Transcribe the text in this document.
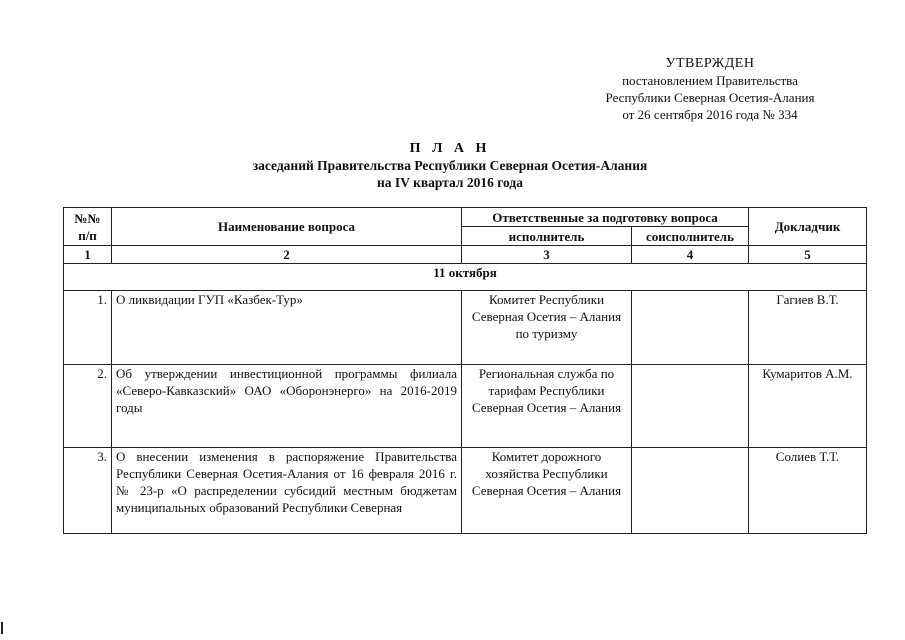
УТВЕРЖДЕН
постановлением Правительства
Республики Северная Осетия-Алания
от 26 сентября 2016 года № 334
П Л А Н
заседаний Правительства Республики Северная Осетия-Алания
на IV квартал 2016 года
№№ п/п	Наименование вопроса	Ответственные за подготовку вопроса		Докладчик
		исполнитель	соисполнитель	
1	2	3	4	5
11 октября				
1.	О ликвидации ГУП «Казбек-Тур»	Комитет Республики Северная Осетия – Алания по туризму		Гагиев В.Т.
2.	Об утверждении инвестиционной программы филиала «Северо-Кавказский» ОАО «Оборонэнерго» на 2016-2019 годы	Региональная служба по тарифам Республики Северная Осетия – Алания		Кумаритов А.М.
3.	О внесении изменения в распоряжение Правительства Республики Северная Осетия-Алания от 16 февраля 2016 г. № 23-р «О распределении субсидий местным бюджетам муниципальных образований Республики Северная	Комитет дорожного хозяйства Республики Северная Осетия – Алания		Солиев Т.Т.
